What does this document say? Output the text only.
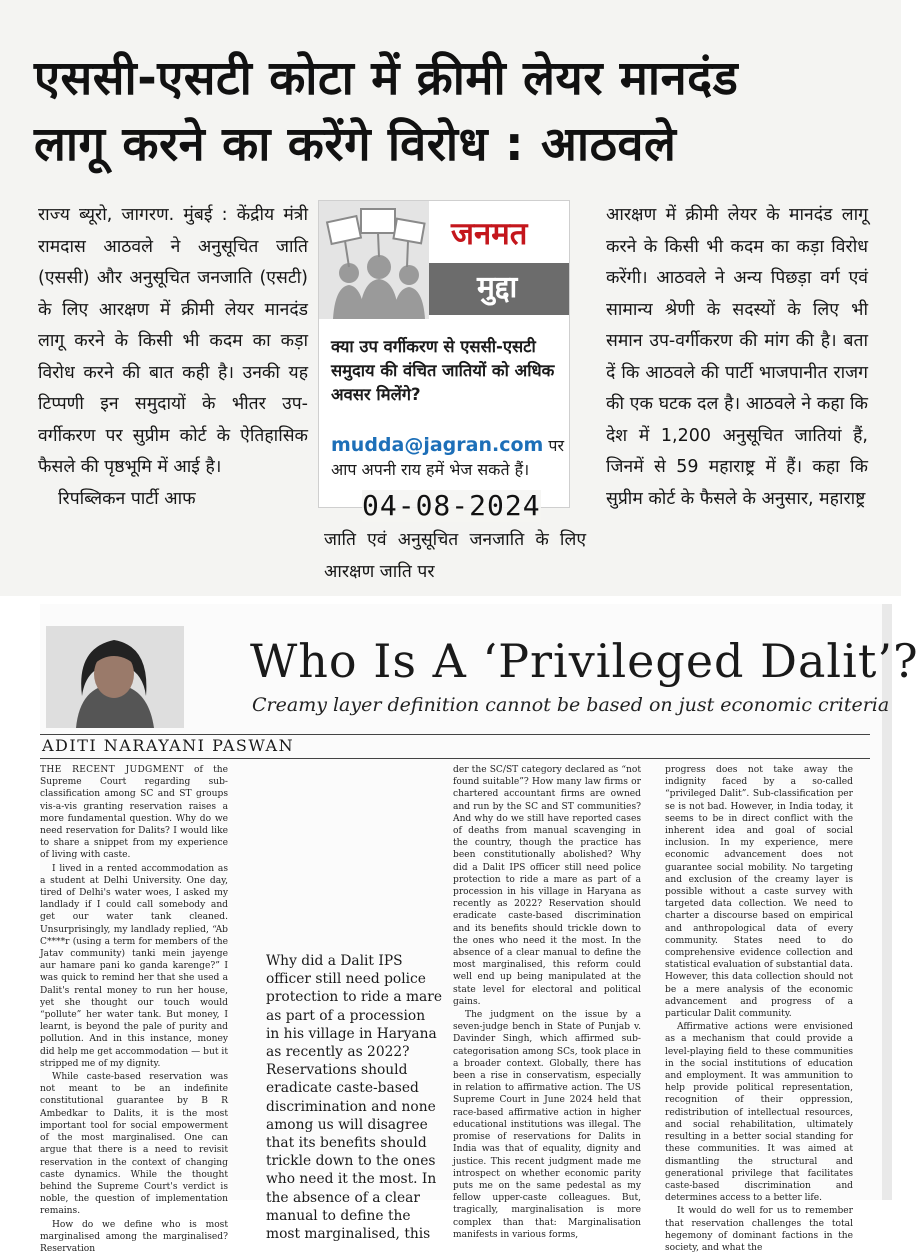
एससी-एसटी कोटा में क्रीमी लेयर मानदंड
लागू करने का करेंगे विरोध : आठवले

राज्य ब्यूरो, जागरण. मुंबई : केंद्रीय मंत्री रामदास आठवले ने अनुसूचित जाति (एससी) और अनुसूचित जनजाति (एसटी) के लिए आरक्षण में क्रीमी लेयर मानदंड लागू करने के किसी भी कदम का कड़ा विरोध करने की बात कही है। उनकी यह टिप्पणी इन समुदायों के भीतर उप-वर्गीकरण पर सुप्रीम कोर्ट के ऐतिहासिक फैसले की पृष्ठभूमि में आई है।

रिपब्लिकन पार्टी आफ

जनमत
मुद्दा
क्या उप वर्गीकरण से एससी-एसटी समुदाय की वंचित जातियों को अधिक अवसर मिलेंगे?
mudda@jagran.com पर
आप अपनी राय हमें भेज सकते हैं।
जाति एवं अनुसूचित जनजाति के लिए आरक्षण जाति पर
आरक्षण में क्रीमी लेयर के मानदंड लागू करने के किसी भी कदम का कड़ा विरोध करेंगी। आठवले ने अन्य पिछड़ा वर्ग एवं सामान्य श्रेणी के सदस्यों के लिए भी समान उप-वर्गीकरण की मांग की है। बता दें कि आठवले की पार्टी भाजपानीत राजग की एक घटक दल है। आठवले ने कहा कि देश में 1,200 अनुसूचित जातियां हैं, जिनमें से 59 महाराष्ट्र में हैं। कहा कि सुप्रीम कोर्ट के फैसले के अनुसार, महाराष्ट्र
04-08-2024
Who Is A ‘Privileged Dalit’?
Creamy layer definition cannot be based on just economic criteria
ADITI NARAYANI PASWAN

THE RECENT JUDGMENT of the Supreme Court regarding sub-classification among SC and ST groups vis-a-vis granting reservation raises a more fundamental question. Why do we need reservation for Dalits? I would like to share a snippet from my experience of living with caste.

I lived in a rented accommodation as a student at Delhi University. One day, tired of Delhi's water woes, I asked my landlady if I could call somebody and get our water tank cleaned. Unsurprisingly, my landlady replied, “Ab C****r (using a term for members of the Jatav community) tanki mein jayenge aur hamare pani ko ganda karenge?” I was quick to remind her that she used a Dalit's rental money to run her house, yet she thought our touch would “pollute” her water tank. But money, I learnt, is beyond the pale of purity and pollution. And in this instance, money did help me get accommodation — but it stripped me of my dignity.

While caste-based reservation was not meant to be an indefinite constitutional guarantee by B R Ambedkar to Dalits, it is the most important tool for social empowerment of the most marginalised. One can argue that there is a need to revisit reservation in the context of changing caste dynamics. While the thought behind the Supreme Court's verdict is noble, the question of implementation remains.

How do we define who is most marginalised among the marginalised? Reservation

Why did a Dalit IPS officer still need police protection to ride a mare as part of a procession in his village in Haryana as recently as 2022? Reservations should eradicate caste-based discrimination and none among us will disagree that its benefits should trickle down to the ones who need it the most. In the absence of a clear manual to define the most marginalised, this

der the SC/ST category declared as “not found suitable”? How many law firms or chartered accountant firms are owned and run by the SC and ST communities? And why do we still have reported cases of deaths from manual scavenging in the country, though the practice has been constitutionally abolished? Why did a Dalit IPS officer still need police protection to ride a mare as part of a procession in his village in Haryana as recently as 2022? Reservation should eradicate caste-based discrimination and its benefits should trickle down to the ones who need it the most. In the absence of a clear manual to define the most marginalised, this reform could well end up being manipulated at the state level for electoral and political gains.

The judgment on the issue by a seven-judge bench in State of Punjab v. Davinder Singh, which affirmed sub-categorisation among SCs, took place in a broader context. Globally, there has been a rise in conservatism, especially in relation to affirmative action. The US Supreme Court in June 2024 held that race-based affirmative action in higher educational institutions was illegal. The promise of reservations for Dalits in India was that of equality, dignity and justice. This recent judgment made me introspect on whether economic parity puts me on the same pedestal as my fellow upper-caste colleagues. But, tragically, marginalisation is more complex than that: Marginalisation manifests in various forms,

progress does not take away the indignity faced by a so-called “privileged Dalit”. Sub-classification per se is not bad. However, in India today, it seems to be in direct conflict with the inherent idea and goal of social inclusion. In my experience, mere economic advancement does not guarantee social mobility. No targeting and exclusion of the creamy layer is possible without a caste survey with targeted data collection. We need to charter a discourse based on empirical and anthropological data of every community. States need to do comprehensive evidence collection and statistical evaluation of substantial data. However, this data collection should not be a mere analysis of the economic advancement and progress of a particular Dalit community.

Affirmative actions were envisioned as a mechanism that could provide a level-playing field to these communities in the social institutions of education and employment. It was ammunition to help provide political representation, recognition of their oppression, redistribution of intellectual resources, and social rehabilitation, ultimately resulting in a better social standing for these communities. It was aimed at dismantling the structural and generational privilege that facilitates caste-based discrimination and determines access to a better life.

It would do well for us to remember that reservation challenges the total hegemony of dominant factions in the society, and what the
